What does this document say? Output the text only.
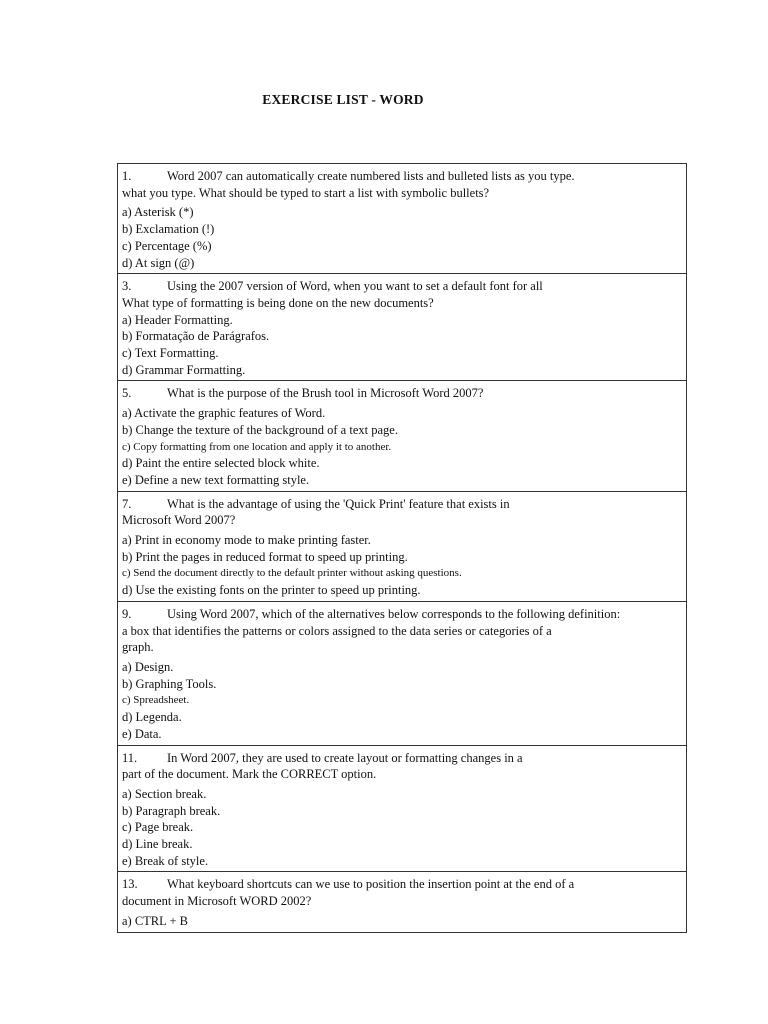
EXERCISE LIST - WORD
1.	Word 2007 can automatically create numbered lists and bulleted lists as you type.
what you type. What should be typed to start a list with symbolic bullets?
a) Asterisk (*)
b) Exclamation (!)
c) Percentage (%)
d) At sign (@)

3.	Using the 2007 version of Word, when you want to set a default font for all
What type of formatting is being done on the new documents?
a) Header Formatting.
b) Formatação de Parágrafos.
c) Text Formatting.
d) Grammar Formatting.

5.	What is the purpose of the Brush tool in Microsoft Word 2007?
a) Activate the graphic features of Word.
b) Change the texture of the background of a text page.
c) Copy formatting from one location and apply it to another.
d) Paint the entire selected block white.
e) Define a new text formatting style.

7.	What is the advantage of using the 'Quick Print' feature that exists in
Microsoft Word 2007?
a) Print in economy mode to make printing faster.
b) Print the pages in reduced format to speed up printing.
c) Send the document directly to the default printer without asking questions.
d) Use the existing fonts on the printer to speed up printing.

9.	Using Word 2007, which of the alternatives below corresponds to the following definition:
a box that identifies the patterns or colors assigned to the data series or categories of a
graph.
a) Design.
b) Graphing Tools.
c) Spreadsheet.
d) Legenda.
e) Data.

11. In Word 2007, they are used to create layout or formatting changes in a
part of the document. Mark the CORRECT option.
a) Section break.
b) Paragraph break.
c) Page break.
d) Line break.
e) Break of style.

13. What keyboard shortcuts can we use to position the insertion point at the end of a
document in Microsoft WORD 2002?
a) CTRL + B
